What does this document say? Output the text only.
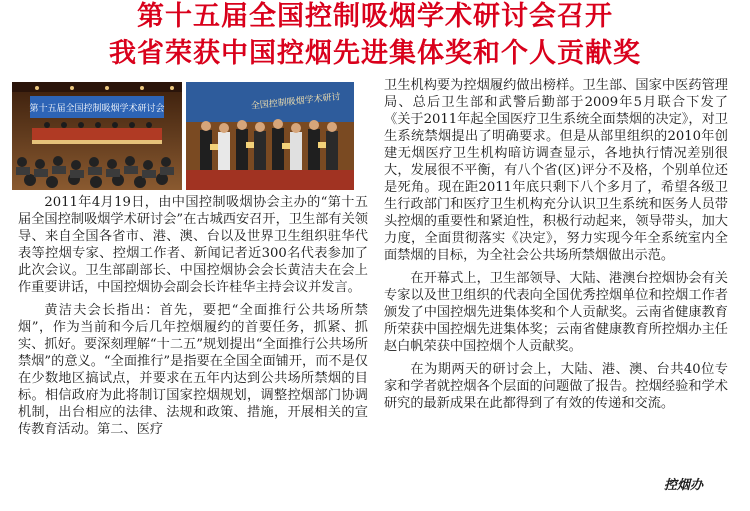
第十五届全国控制吸烟学术研讨会召开
我省荣获中国控烟先进集体奖和个人贡献奖
第十五届全国控制吸烟学术研讨会	全国控制吸烟学术研讨

2011年4月19日，由中国控制吸烟协会主办的“第十五届全国控制吸烟学术研讨会”在古城西安召开，卫生部有关领导、来自全国各省市、港、澳、台以及世界卫生组织驻华代表等控烟专家、控烟工作者、新闻记者近300名代表参加了此次会议。卫生部副部长、中国控烟协会会长黄洁夫在会上作重要讲话，中国控烟协会副会长许桂华主持会议并发言。

黄洁夫会长指出：首先，要把“全面推行公共场所禁烟”，作为当前和今后几年控烟履约的首要任务，抓紧、抓实、抓好。要深刻理解“十二五”规划提出“全面推行公共场所禁烟”的意义。“全面推行”是指要在全国全面铺开，而不是仅在少数地区搞试点，并要求在五年内达到公共场所禁烟的目标。相信政府为此将制订国家控烟规划，调整控烟部门协调机制，出台相应的法律、法规和政策、措施，开展相关的宣传教育活动。第二、医疗

卫生机构要为控烟履约做出榜样。卫生部、国家中医药管理局、总后卫生部和武警后勤部于2009年5月联合下发了《关于2011年起全国医疗卫生系统全面禁烟的决定》，对卫生系统禁烟提出了明确要求。但是从部里组织的2010年创建无烟医疗卫生机构暗访调查显示，各地执行情况差别很大，发展很不平衡，有八个省(区)评分不及格，个别单位还是死角。现在距2011年底只剩下八个多月了，希望各级卫生行政部门和医疗卫生机构充分认识卫生系统和医务人员带头控烟的重要性和紧迫性，积极行动起来，领导带头，加大力度，全面贯彻落实《决定》，努力实现今年全系统室内全面禁烟的目标，为全社会公共场所禁烟做出示范。

在开幕式上，卫生部领导、大陆、港澳台控烟协会有关专家以及世卫组织的代表向全国优秀控烟单位和控烟工作者颁发了中国控烟先进集体奖和个人贡献奖。云南省健康教育所荣获中国控烟先进集体奖；云南省健康教育所控烟办主任赵白帆荣获中国控烟个人贡献奖。

在为期两天的研讨会上，大陆、港、澳、台共40位专家和学者就控烟各个层面的问题做了报告。控烟经验和学术研究的最新成果在此都得到了有效的传递和交流。

控烟办
